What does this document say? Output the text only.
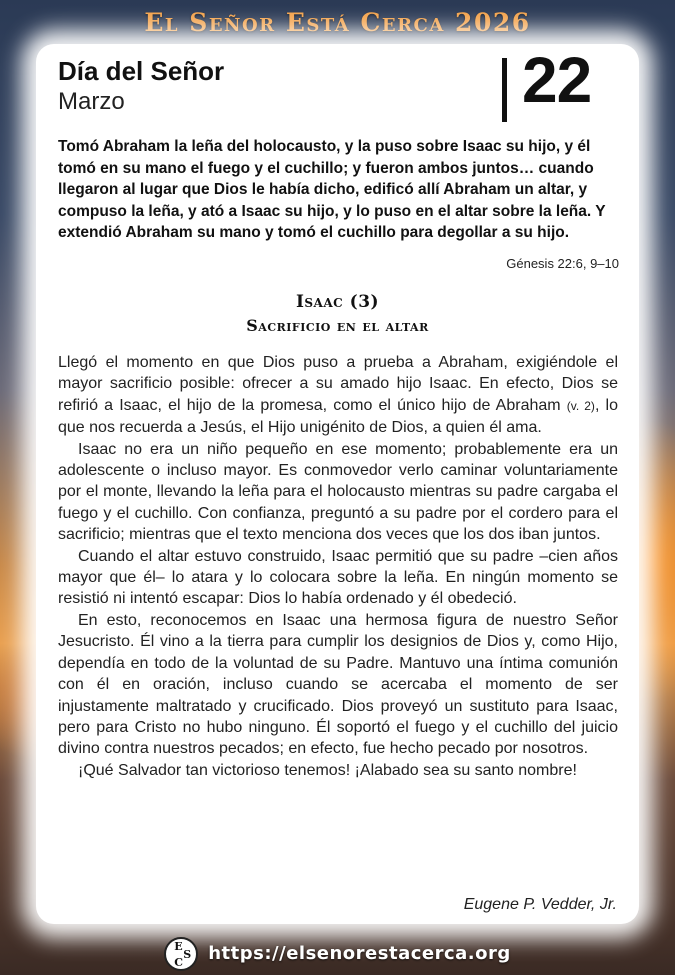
El Señor Está Cerca 2026
Día del Señor
Marzo	22
Tomó Abraham la leña del holocausto, y la puso sobre Isaac su hijo, y él tomó en su mano el fuego y el cuchillo; y fueron ambos juntos… cuando llegaron al lugar que Dios le había dicho, edificó allí Abraham un altar, y compuso la leña, y ató a Isaac su hijo, y lo puso en el altar sobre la leña. Y extendió Abraham su mano y tomó el cuchillo para degollar a su hijo.
Génesis 22:6, 9–10
Isaac (3)
Sacrificio en el altar

Llegó el momento en que Dios puso a prueba a Abraham, exigiéndole el mayor sacrificio posible: ofrecer a su amado hijo Isaac. En efecto, Dios se refirió a Isaac, el hijo de la promesa, como el único hijo de Abraham (v. 2), lo que nos recuerda a Jesús, el Hijo unigénito de Dios, a quien él ama.

Isaac no era un niño pequeño en ese momento; probablemente era un adolescente o incluso mayor. Es conmovedor verlo caminar voluntariamente por el monte, llevando la leña para el holocausto mientras su padre cargaba el fuego y el cuchillo. Con confianza, preguntó a su padre por el cordero para el sacrificio; mientras que el texto menciona dos veces que los dos iban juntos.

Cuando el altar estuvo construido, Isaac permitió que su padre –cien años mayor que él– lo atara y lo colocara sobre la leña. En ningún momento se resistió ni intentó escapar: Dios lo había ordenado y él obedeció.

En esto, reconocemos en Isaac una hermosa figura de nuestro Señor Jesucristo. Él vino a la tierra para cumplir los designios de Dios y, como Hijo, dependía en todo de la voluntad de su Padre. Mantuvo una íntima comunión con él en oración, incluso cuando se acercaba el momento de ser injustamente maltratado y crucificado. Dios proveyó un sustituto para Isaac, pero para Cristo no hubo ninguno. Él soportó el fuego y el cuchillo del juicio divino contra nuestros pecados; en efecto, fue hecho pecado por nosotros.

¡Qué Salvador tan victorioso tenemos! ¡Alabado sea su santo nombre!

Eugene P. Vedder, Jr.
E
S
C https://elsenorestacerca.org
